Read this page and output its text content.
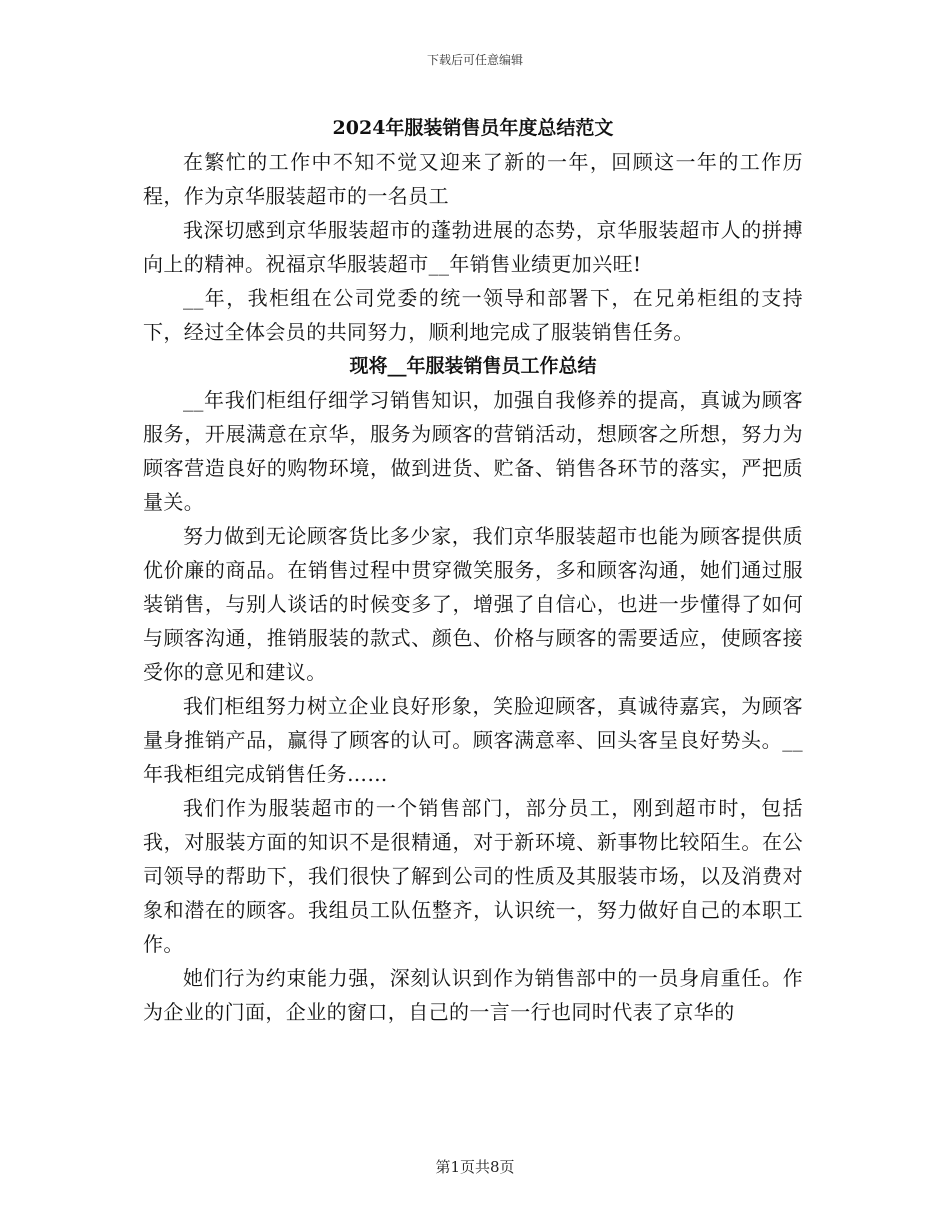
下载后可任意编辑
2024年服装销售员年度总结范文

在繁忙的工作中不知不觉又迎来了新的一年，回顾这一年的工作历程，作为京华服装超市的一名员工

我深切感到京华服装超市的蓬勃进展的态势，京华服装超市人的拼搏向上的精神。祝福京华服装超市__年销售业绩更加兴旺!

__年，我柜组在公司党委的统一领导和部署下，在兄弟柜组的支持下，经过全体会员的共同努力，顺利地完成了服装销售任务。

现将__年服装销售员工作总结

__年我们柜组仔细学习销售知识，加强自我修养的提高，真诚为顾客服务，开展满意在京华，服务为顾客的营销活动，想顾客之所想，努力为顾客营造良好的购物环境，做到进货、贮备、销售各环节的落实，严把质量关。

努力做到无论顾客货比多少家，我们京华服装超市也能为顾客提供质优价廉的商品。在销售过程中贯穿微笑服务，多和顾客沟通，她们通过服装销售，与别人谈话的时候变多了，增强了自信心，也进一步懂得了如何与顾客沟通，推销服装的款式、颜色、价格与顾客的需要适应，使顾客接受你的意见和建议。

我们柜组努力树立企业良好形象，笑脸迎顾客，真诚待嘉宾，为顾客量身推销产品，赢得了顾客的认可。顾客满意率、回头客呈良好势头。__年我柜组完成销售任务……

我们作为服装超市的一个销售部门，部分员工，刚到超市时，包括我，对服装方面的知识不是很精通，对于新环境、新事物比较陌生。在公司领导的帮助下，我们很快了解到公司的性质及其服装市场，以及消费对象和潜在的顾客。我组员工队伍整齐，认识统一，努力做好自己的本职工作。

她们行为约束能力强，深刻认识到作为销售部中的一员身肩重任。作为企业的门面，企业的窗口，自己的一言一行也同时代表了京华的

第1页共8页
